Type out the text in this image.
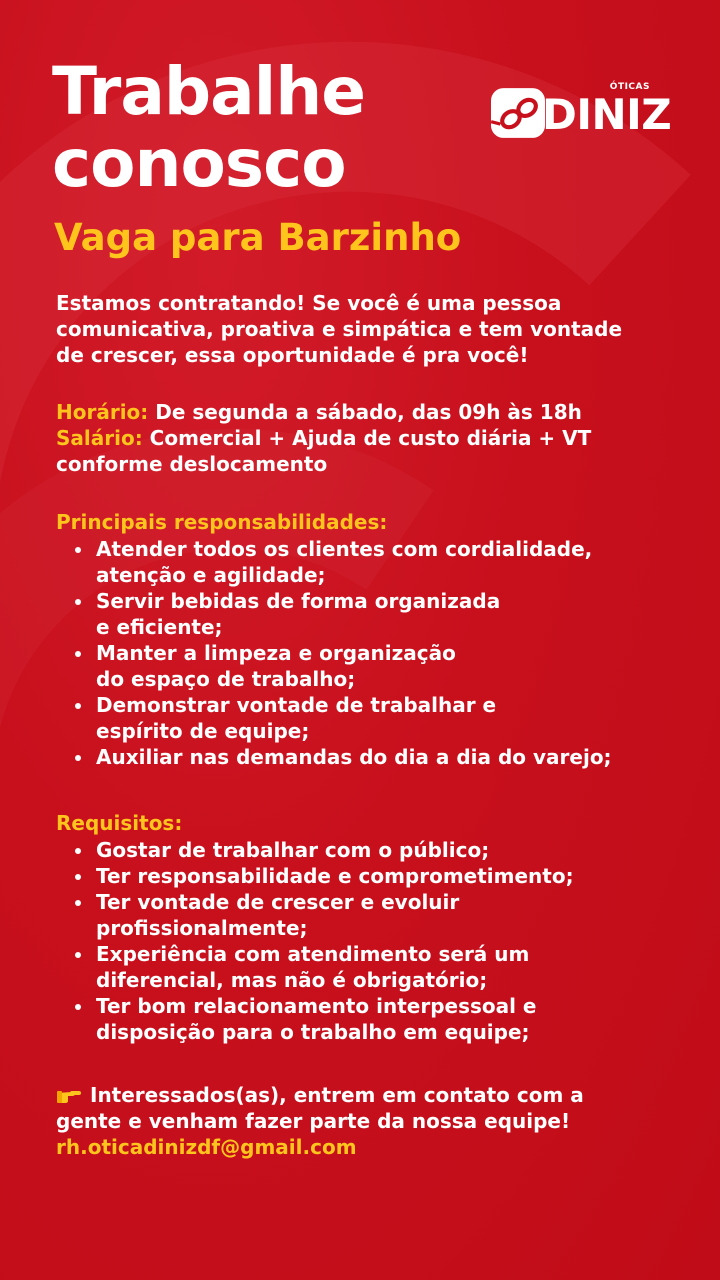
Trabalhe
conosco
Vaga para Barzinho
ÓTICAS
DINIZ

Estamos contratando! Se você é uma pessoa
comunicativa, proativa e simpática e tem vontade
de crescer, essa oportunidade é pra você!

Horário: De segunda a sábado, das 09h às 18h
Salário: Comercial + Ajuda de custo diária + VT
conforme deslocamento

Principais responsabilidades:
Atender todos os clientes com cordialidade,
atenção e agilidade;
Servir bebidas de forma organizada
e eficiente;
Manter a limpeza e organização
do espaço de trabalho;
Demonstrar vontade de trabalhar e
espírito de equipe;
Auxiliar nas demandas do dia a dia do varejo;
Requisitos:
Gostar de trabalhar com o público;
Ter responsabilidade e comprometimento;
Ter vontade de crescer e evoluir
profissionalmente;
Experiência com atendimento será um
diferencial, mas não é obrigatório;
Ter bom relacionamento interpessoal e
disposição para o trabalho em equipe;

Interessados(as), entrem em contato com a
gente e venham fazer parte da nossa equipe!
rh.oticadinizdf@gmail.com
